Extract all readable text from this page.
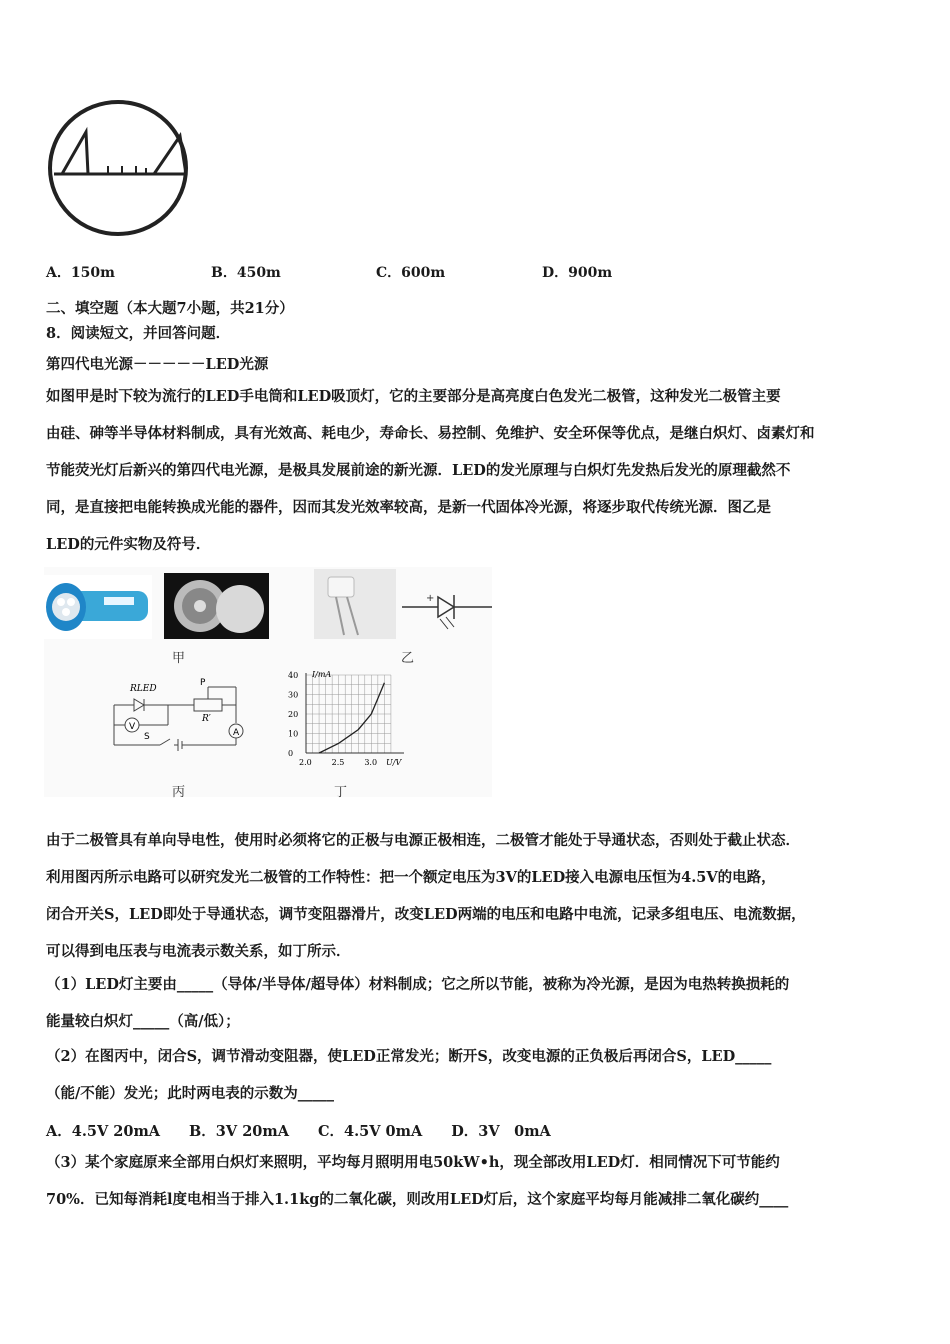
A．150m	B．450m	C．600m	D．900m
二、填空题（本大题7小题，共21分）
8．阅读短文，并回答问题．
第四代电光源－－－－－LED光源

如图甲是时下较为流行的LED手电筒和LED吸顶灯，它的主要部分是高亮度白色发光二极管，这种发光二极管主要

由硅、砷等半导体材料制成，具有光效高、耗电少，寿命长、易控制、免维护、安全环保等优点，是继白炽灯、卤素灯和

节能荧光灯后新兴的第四代电光源，是极具发展前途的新光源．LED的发光原理与白炽灯先发热后发光的原理截然不

同，是直接把电能转换成光能的器件，因而其发光效率较高，是新一代固体冷光源，将逐步取代传统光源．图乙是

LED的元件实物及符号．

+
甲	乙
V
A
RLED
P
R′
S
I/mA
U/V
0
10
20
30
40
2.0 2.5 3.0
丙	丁

由于二极管具有单向导电性，使用时必须将它的正极与电源正极相连，二极管才能处于导通状态，否则处于截止状态．

利用图丙所示电路可以研究发光二极管的工作特性：把一个额定电压为3V的LED接入电源电压恒为4.5V的电路，

闭合开关S，LED即处于导通状态，调节变阻器滑片，改变LED两端的电压和电路中电流，记录多组电压、电流数据，

可以得到电压表与电流表示数关系，如丁所示．

（1）LED灯主要由_____（导体/半导体/超导体）材料制成；它之所以节能，被称为冷光源，是因为电热转换损耗的

能量较白炽灯_____（高/低）；

（2）在图丙中，闭合S，调节滑动变阻器，使LED正常发光；断开S，改变电源的正负极后再闭合S，LED_____

（能/不能）发光；此时两电表的示数为_____

A．4.5V 20mA　　B．3V 20mA　　C．4.5V 0mA　　D．3V　0mA

（3）某个家庭原来全部用白炽灯来照明，平均每月照明用电50kW•h，现全部改用LED灯．相同情况下可节能约

70%．已知每消耗l度电相当于排入1.1kg的二氧化碳，则改用LED灯后，这个家庭平均每月能减排二氧化碳约____
